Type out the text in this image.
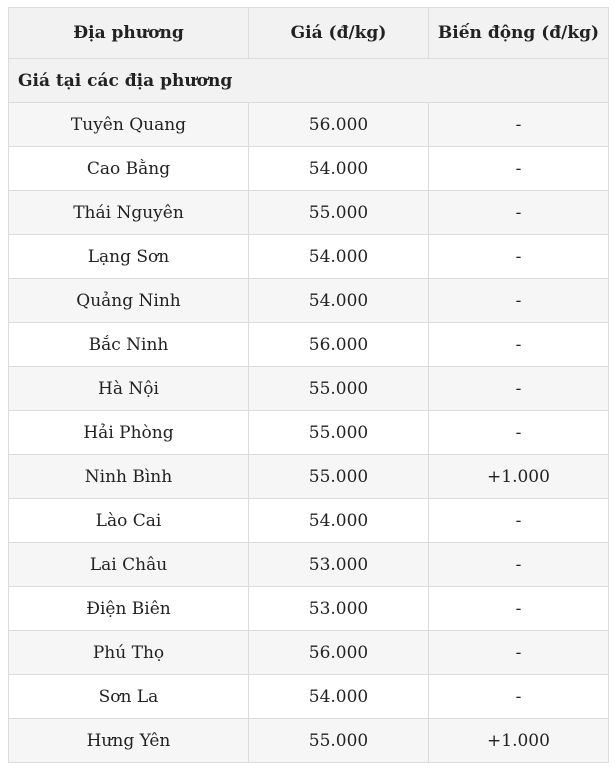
Địa phương	Giá (đ/kg)	Biến động (đ/kg)
Giá tại các địa phương		
Tuyên Quang	56.000	-
Cao Bằng	54.000	-
Thái Nguyên	55.000	-
Lạng Sơn	54.000	-
Quảng Ninh	54.000	-
Bắc Ninh	56.000	-
Hà Nội	55.000	-
Hải Phòng	55.000	-
Ninh Bình	55.000	+1.000
Lào Cai	54.000	-
Lai Châu	53.000	-
Điện Biên	53.000	-
Phú Thọ	56.000	-
Sơn La	54.000	-
Hưng Yên	55.000	+1.000
